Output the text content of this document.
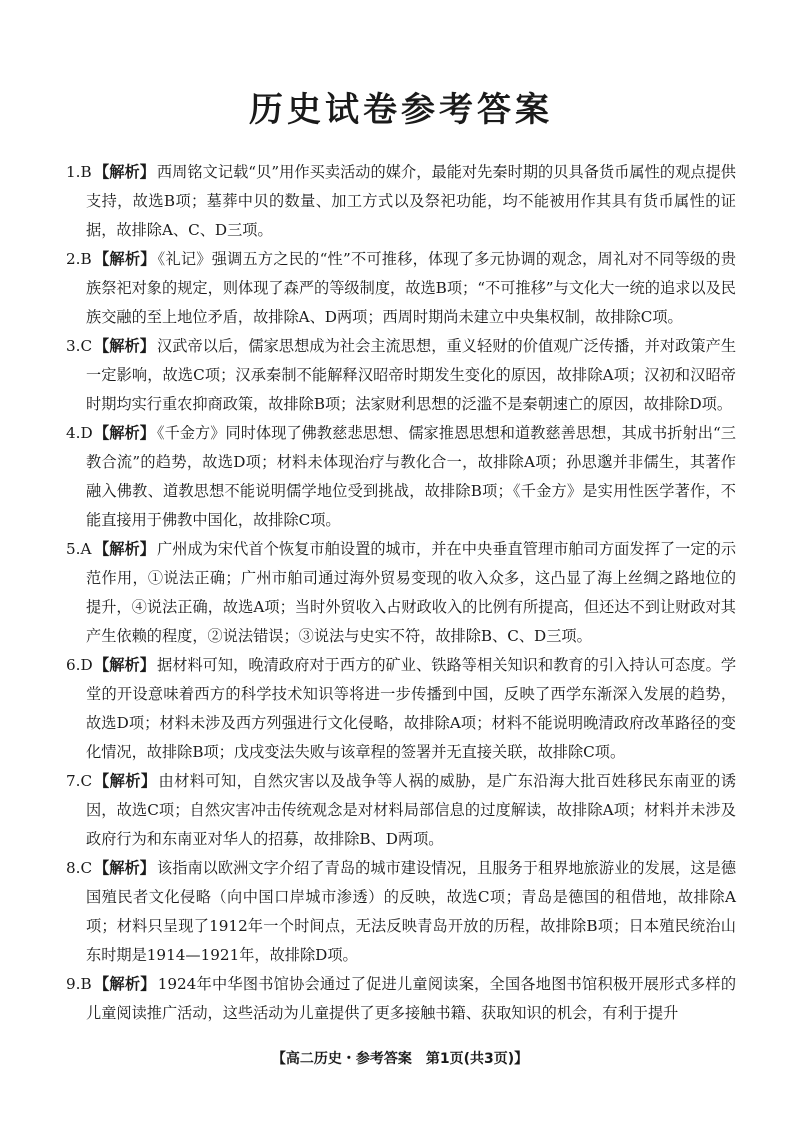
历史试卷参考答案
1.B 【解析】 西周铭文记载“贝”用作买卖活动的媒介，最能对先秦时期的贝具备货币属性的观点提供支持，故选B项；墓葬中贝的数量、加工方式以及祭祀功能，均不能被用作其具有货币属性的证据，故排除A、C、D三项。
2.B 【解析】 《礼记》强调五方之民的“性”不可推移，体现了多元协调的观念，周礼对不同等级的贵族祭祀对象的规定，则体现了森严的等级制度，故选B项；“不可推移”与文化大一统的追求以及民族交融的至上地位矛盾，故排除A、D两项；西周时期尚未建立中央集权制，故排除C项。
3.C 【解析】 汉武帝以后，儒家思想成为社会主流思想，重义轻财的价值观广泛传播，并对政策产生一定影响，故选C项；汉承秦制不能解释汉昭帝时期发生变化的原因，故排除A项；汉初和汉昭帝时期均实行重农抑商政策，故排除B项；法家财利思想的泛滥不是秦朝速亡的原因，故排除D项。
4.D 【解析】 《千金方》同时体现了佛教慈悲思想、儒家推恩思想和道教慈善思想，其成书折射出“三教合流”的趋势，故选D项；材料未体现治疗与教化合一，故排除A项；孙思邈并非儒生，其著作融入佛教、道教思想不能说明儒学地位受到挑战，故排除B项；《千金方》是实用性医学著作，不能直接用于佛教中国化，故排除C项。
5.A 【解析】 广州成为宋代首个恢复市舶设置的城市，并在中央垂直管理市舶司方面发挥了一定的示范作用，①说法正确；广州市舶司通过海外贸易变现的收入众多，这凸显了海上丝绸之路地位的提升，④说法正确，故选A项；当时外贸收入占财政收入的比例有所提高，但还达不到让财政对其产生依赖的程度，②说法错误；③说法与史实不符，故排除B、C、D三项。
6.D 【解析】 据材料可知，晚清政府对于西方的矿业、铁路等相关知识和教育的引入持认可态度。学堂的开设意味着西方的科学技术知识等将进一步传播到中国，反映了西学东渐深入发展的趋势，故选D项；材料未涉及西方列强进行文化侵略，故排除A项；材料不能说明晚清政府改革路径的变化情况，故排除B项；戊戌变法失败与该章程的签署并无直接关联，故排除C项。
7.C 【解析】 由材料可知，自然灾害以及战争等人祸的威胁，是广东沿海大批百姓移民东南亚的诱因，故选C项；自然灾害冲击传统观念是对材料局部信息的过度解读，故排除A项；材料并未涉及政府行为和东南亚对华人的招募，故排除B、D两项。
8.C 【解析】 该指南以欧洲文字介绍了青岛的城市建设情况，且服务于租界地旅游业的发展，这是德国殖民者文化侵略（向中国口岸城市渗透）的反映，故选C项；青岛是德国的租借地，故排除A项；材料只呈现了1912年一个时间点，无法反映青岛开放的历程，故排除B项；日本殖民统治山东时期是1914—1921年，故排除D项。
9.B 【解析】 1924年中华图书馆协会通过了促进儿童阅读案，全国各地图书馆积极开展形式多样的儿童阅读推广活动，这些活动为儿童提供了更多接触书籍、获取知识的机会，有利于提升
【高二历史・参考答案　第1页(共3页)】
